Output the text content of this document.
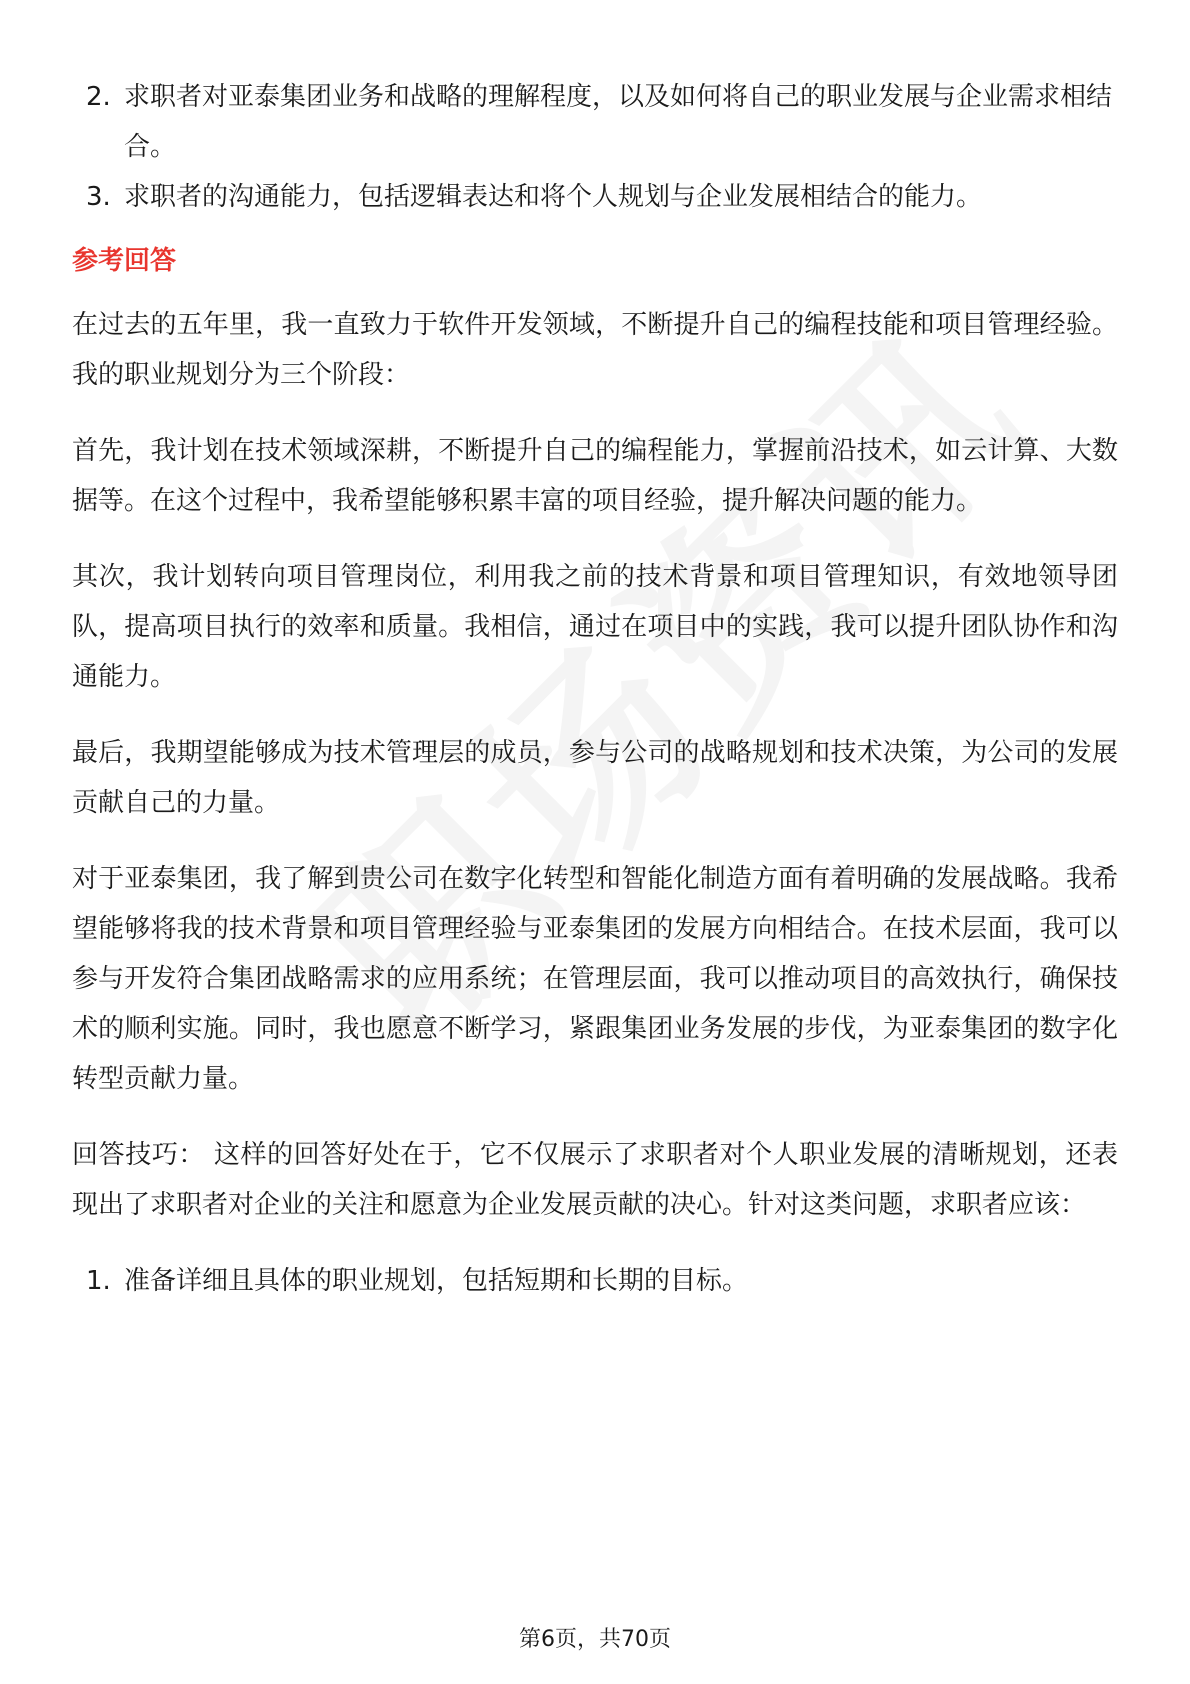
2. 求职者对亚泰集团业务和战略的理解程度，以及如何将自己的职业发展与企业需求相结合。
3. 求职者的沟通能力，包括逻辑表达和将个人规划与企业发展相结合的能力。
参考回答

在过去的五年里，我一直致力于软件开发领域，不断提升自己的编程技能和项目管理经验。我的职业规划分为三个阶段：

首先，我计划在技术领域深耕，不断提升自己的编程能力，掌握前沿技术，如云计算、大数据等。在这个过程中，我希望能够积累丰富的项目经验，提升解决问题的能力。

其次，我计划转向项目管理岗位，利用我之前的技术背景和项目管理知识，有效地领导团队，提高项目执行的效率和质量。我相信，通过在项目中的实践，我可以提升团队协作和沟通能力。

最后，我期望能够成为技术管理层的成员，参与公司的战略规划和技术决策，为公司的发展贡献自己的力量。

对于亚泰集团，我了解到贵公司在数字化转型和智能化制造方面有着明确的发展战略。我希望能够将我的技术背景和项目管理经验与亚泰集团的发展方向相结合。在技术层面，我可以参与开发符合集团战略需求的应用系统；在管理层面，我可以推动项目的高效执行，确保技术的顺利实施。同时，我也愿意不断学习，紧跟集团业务发展的步伐，为亚泰集团的数字化转型贡献力量。

回答技巧： 这样的回答好处在于，它不仅展示了求职者对个人职业发展的清晰规划，还表现出了求职者对企业的关注和愿意为企业发展贡献的决心。针对这类问题，求职者应该：

1. 准备详细且具体的职业规划，包括短期和长期的目标。
第6页，共70页
